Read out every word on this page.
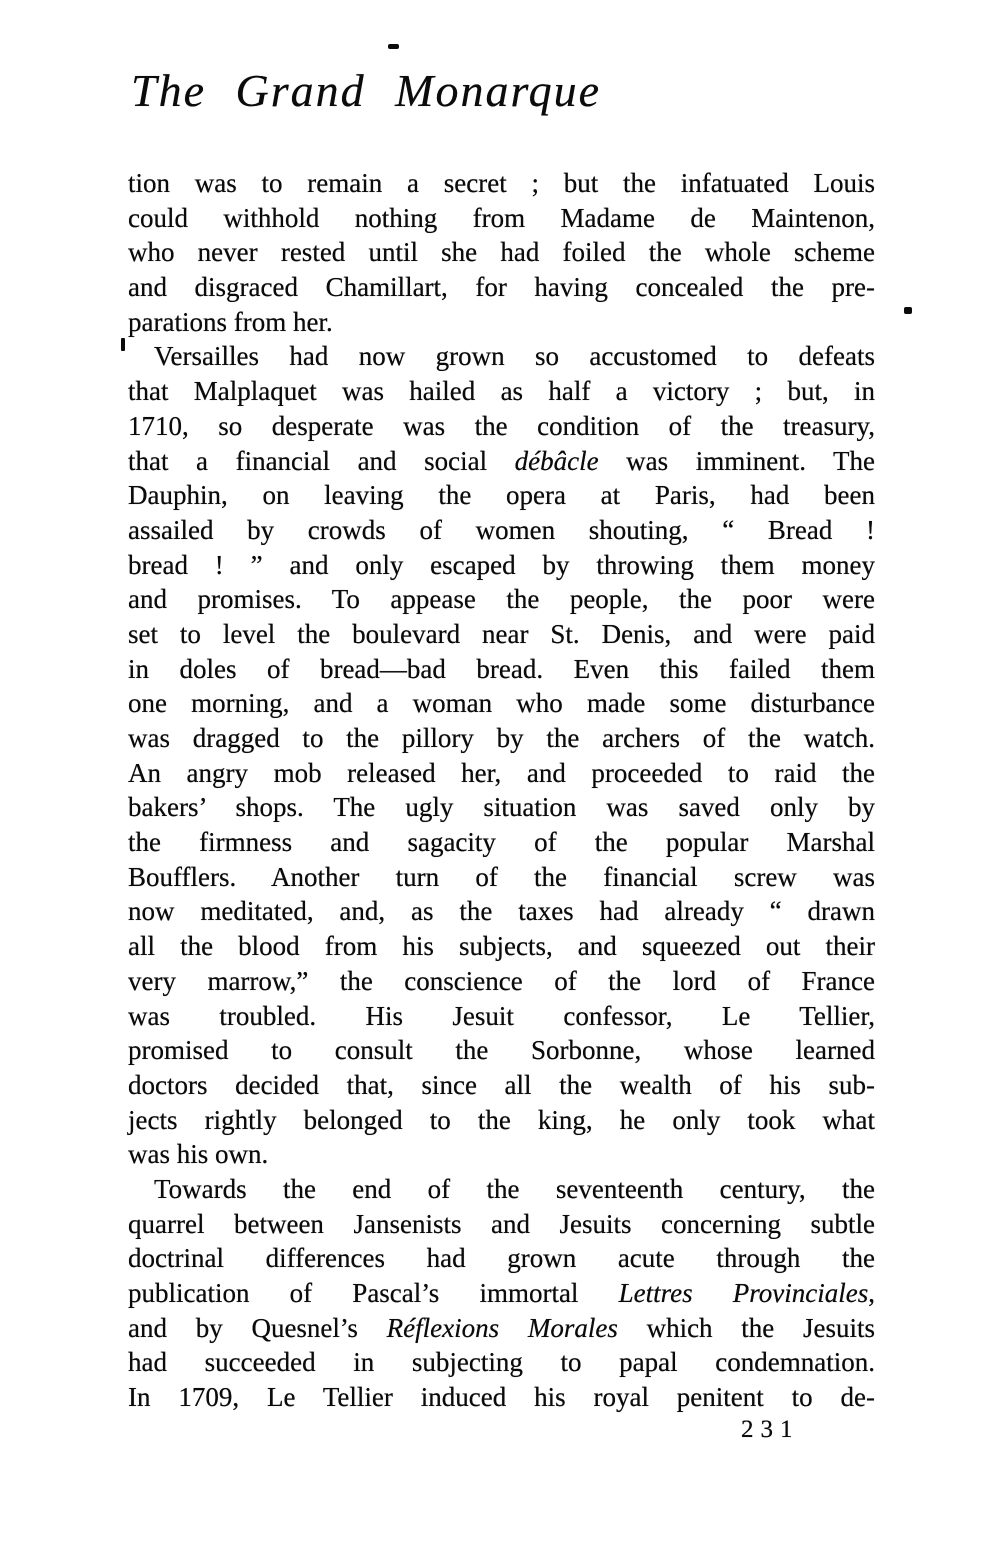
The Grand Monarque
tion was to remain a secret ; but the infatuated Louis
could withhold nothing from Madame de Maintenon,
who never rested until she had foiled the whole scheme
and disgraced Chamillart, for having concealed the pre-
parations from her.
Versailles had now grown so accustomed to defeats
that Malplaquet was hailed as half a victory ; but, in
1710, so desperate was the condition of the treasury,
that a financial and social débâcle was imminent. The
Dauphin, on leaving the opera at Paris, had been
assailed by crowds of women shouting, “ Bread !
bread ! ” and only escaped by throwing them money
and promises. To appease the people, the poor were
set to level the boulevard near St. Denis, and were paid
in doles of bread—bad bread. Even this failed them
one morning, and a woman who made some disturbance
was dragged to the pillory by the archers of the watch.
An angry mob released her, and proceeded to raid the
bakers’ shops. The ugly situation was saved only by
the firmness and sagacity of the popular Marshal
Boufflers. Another turn of the financial screw was
now meditated, and, as the taxes had already “ drawn
all the blood from his subjects, and squeezed out their
very marrow,” the conscience of the lord of France
was troubled. His Jesuit confessor, Le Tellier,
promised to consult the Sorbonne, whose learned
doctors decided that, since all the wealth of his sub-
jects rightly belonged to the king, he only took what
was his own.
Towards the end of the seventeenth century, the
quarrel between Jansenists and Jesuits concerning subtle
doctrinal differences had grown acute through the
publication of Pascal’s immortal Lettres Provinciales,
and by Quesnel’s Réflexions Morales which the Jesuits
had succeeded in subjecting to papal condemnation.
In 1709, Le Tellier induced his royal penitent to de-
231
